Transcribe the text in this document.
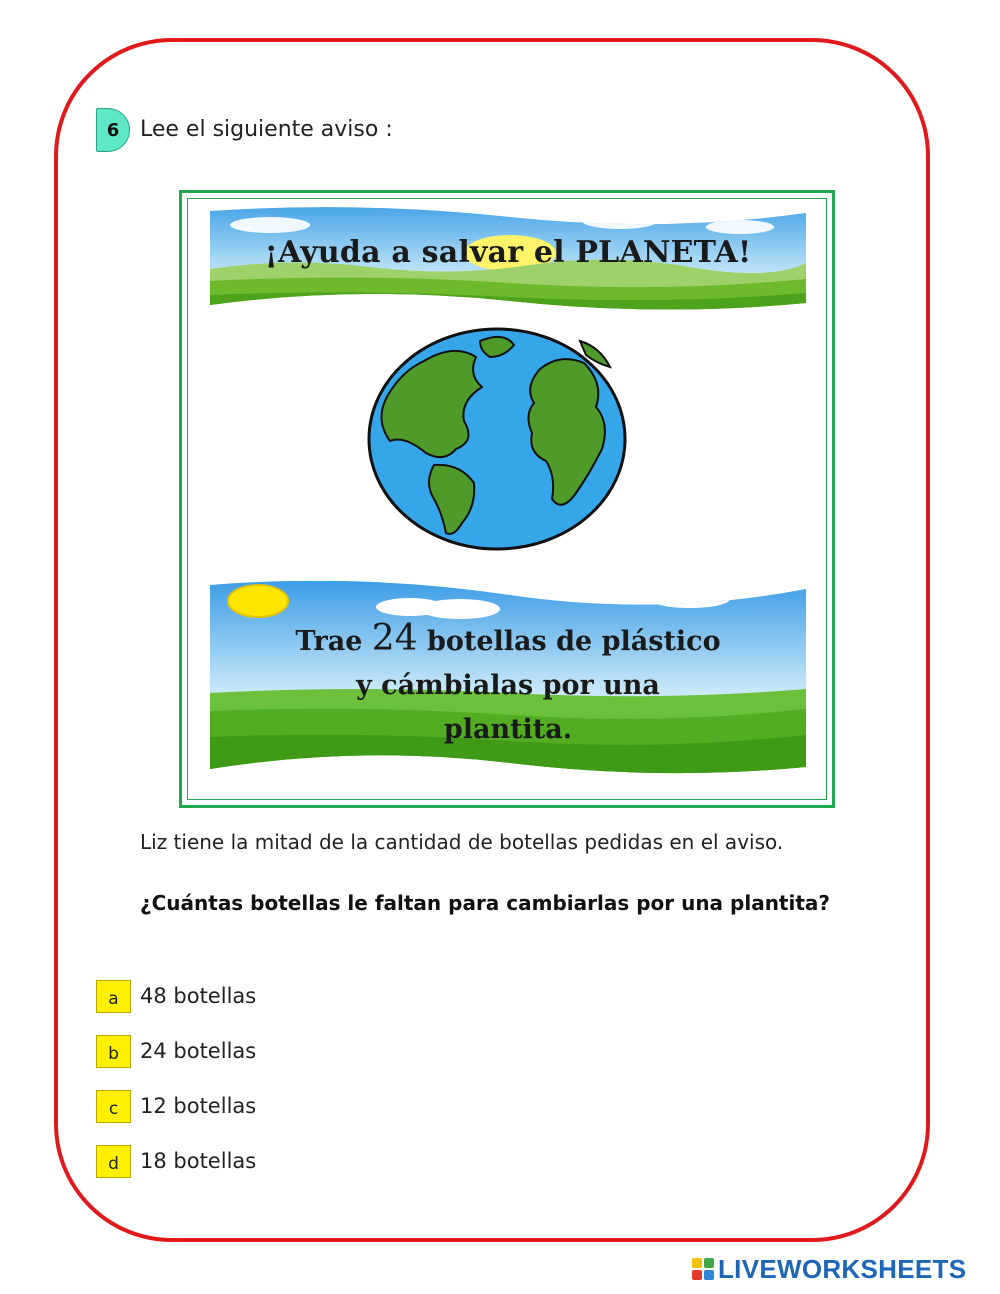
6 Lee el siguiente aviso :
¡Ayuda a salvar el PLANETA!
Trae 24 botellas de plástico
y cámbialas por una
plantita.
Liz tiene la mitad de la cantidad de botellas pedidas en el aviso.
¿Cuántas botellas le faltan para cambiarlas por una plantita?
a	48 botellas
b	24 botellas
c	12 botellas
d	18 botellas
LIVEWORKSHEETS
